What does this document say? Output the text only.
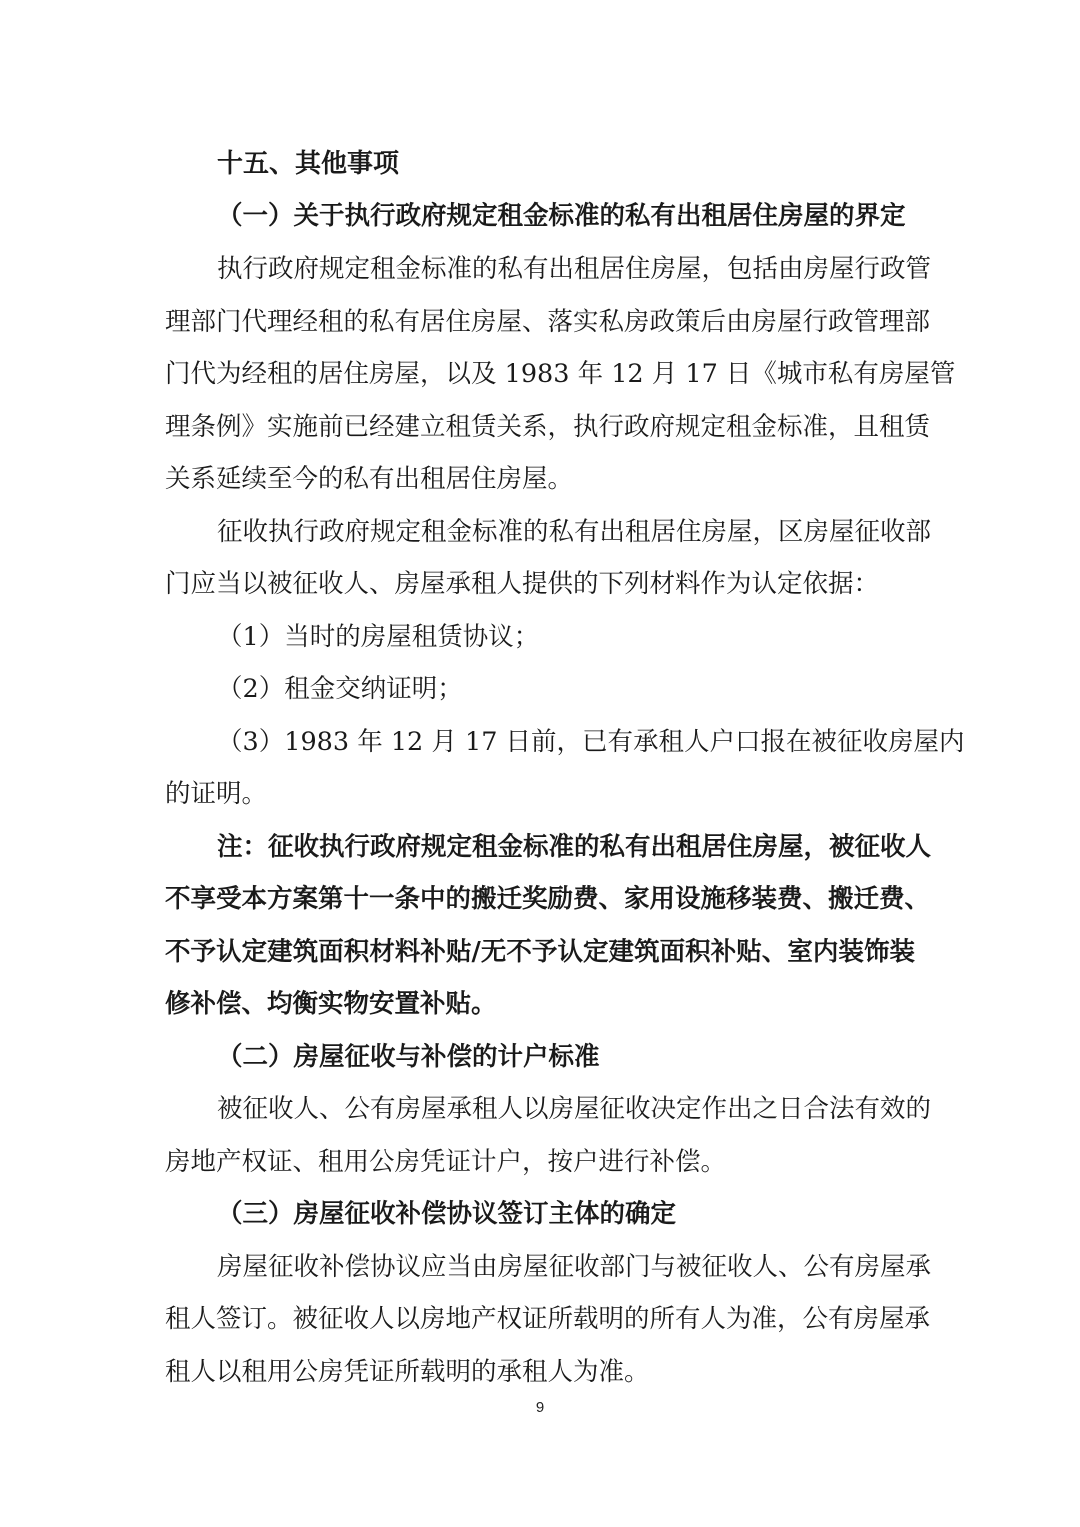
十五、其他事项
（一）关于执行政府规定租金标准的私有出租居住房屋的界定
执行政府规定租金标准的私有出租居住房屋，包括由房屋行政管
理部门代理经租的私有居住房屋、落实私房政策后由房屋行政管理部
门代为经租的居住房屋，以及 1983 年 12 月 17 日《城市私有房屋管
理条例》实施前已经建立租赁关系，执行政府规定租金标准，且租赁
关系延续至今的私有出租居住房屋。
征收执行政府规定租金标准的私有出租居住房屋，区房屋征收部
门应当以被征收人、房屋承租人提供的下列材料作为认定依据：
（1）当时的房屋租赁协议；
（2）租金交纳证明；
（3）1983 年 12 月 17 日前，已有承租人户口报在被征收房屋内
的证明。
注：征收执行政府规定租金标准的私有出租居住房屋，被征收人
不享受本方案第十一条中的搬迁奖励费、家用设施移装费、搬迁费、
不予认定建筑面积材料补贴/无不予认定建筑面积补贴、室内装饰装
修补偿、均衡实物安置补贴。
（二）房屋征收与补偿的计户标准
被征收人、公有房屋承租人以房屋征收决定作出之日合法有效的
房地产权证、租用公房凭证计户，按户进行补偿。
（三）房屋征收补偿协议签订主体的确定
房屋征收补偿协议应当由房屋征收部门与被征收人、公有房屋承
租人签订。被征收人以房地产权证所载明的所有人为准，公有房屋承
租人以租用公房凭证所载明的承租人为准。
9
